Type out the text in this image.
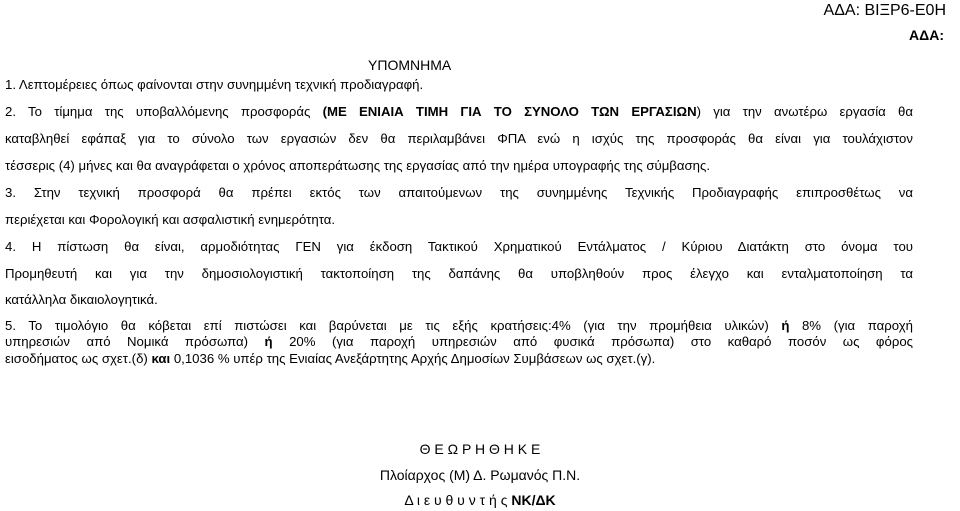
ΑΔΑ: ΒΙΞΡ6-Ε0Η
ΑΔΑ:
ΥΠΟΜΝΗΜΑ
1. Λεπτομέρειες όπως φαίνονται στην συνημμένη τεχνική προδιαγραφή.
2. Το τίμημα της υποβαλλόμενης προσφοράς (ΜΕ ΕΝΙΑΙΑ ΤΙΜΗ ΓΙΑ ΤΟ ΣΥΝΟΛΟ ΤΩΝ ΕΡΓΑΣΙΩΝ) για την ανωτέρω εργασία θα
καταβληθεί εφάπαξ για το σύνολο των εργασιών δεν θα περιλαμβάνει ΦΠΑ ενώ η ισχύς της προσφοράς θα είναι για τουλάχιστον
τέσσερις (4) μήνες και θα αναγράφεται ο χρόνος αποπεράτωσης της εργασίας από την ημέρα υπογραφής της σύμβασης.
3. Στην τεχνική προσφορά θα πρέπει εκτός των απαιτούμενων της συνημμένης Τεχνικής Προδιαγραφής επιπροσθέτως να
περιέχεται και Φορολογική και ασφαλιστική ενημερότητα.
4. Η πίστωση θα είναι, αρμοδιότητας ΓΕΝ για έκδοση Τακτικού Χρηματικού Εντάλματος / Κύριου Διατάκτη στο όνομα του
Προμηθευτή και για την δημοσιολογιστική τακτοποίηση της δαπάνης θα υποβληθούν προς έλεγχο και ενταλματοποίηση τα
κατάλληλα δικαιολογητικά.
5. Το τιμολόγιο θα κόβεται επί πιστώσει και βαρύνεται με τις εξής κρατήσεις:4% (για την προμήθεια υλικών) ή 8% (για παροχή
υπηρεσιών από Νομικά πρόσωπα) ή 20% (για παροχή υπηρεσιών από φυσικά πρόσωπα) στο καθαρό ποσόν ως φόρος
εισοδήματος ως σχετ.(δ) και 0,1036 % υπέρ της Ενιαίας Ανεξάρτητης Αρχής Δημοσίων Συμβάσεων ως σχετ.(γ).
Θ Ε Ω Ρ Η Θ Η Κ Ε
Πλοίαρχος (Μ) Δ. Ρωμανός Π.Ν.
Δ ι ε υ θ υ ν τ ή ς ΝΚ/ΔΚ
